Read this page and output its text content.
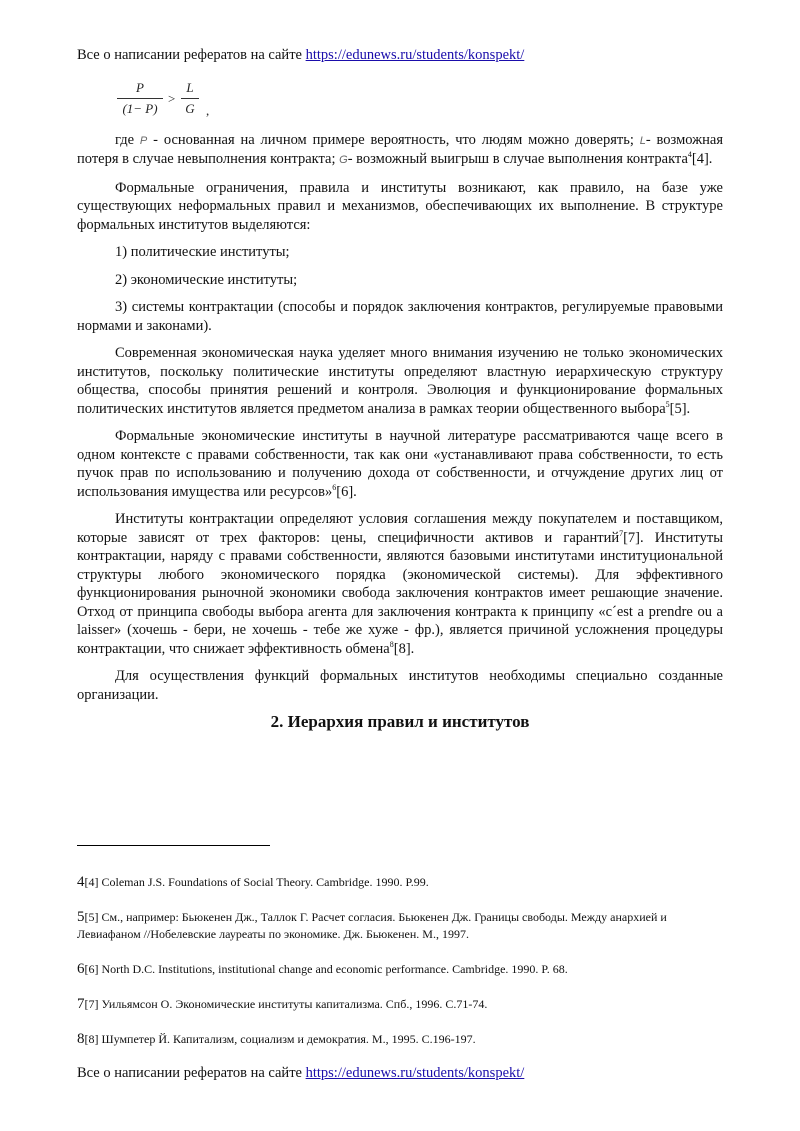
Все о написании рефератов на сайте https://edunews.ru/students/konspekt/
P
(1− P)
>
L
G ,

где P - основанная на личном примере вероятность, что людям можно доверять; L- возможная потеря в случае невыполнения контракта; G- возможный выигрыш в случае выполнения контракта$^4$[4].

Формальные ограничения, правила и институты возникают, как правило, на базе уже существующих неформальных правил и механизмов, обеспечивающих их выполнение. В структуре формальных институтов выделяются:

1) политические институты;

2) экономические институты;

3) системы контрактации (способы и порядок заключения контрактов, регулируемые правовыми нормами и законами).

Современная экономическая наука уделяет много внимания изучению не только экономических институтов, поскольку политические институты определяют властную иерархическую структуру общества, способы принятия решений и контроля. Эволюция и функционирование формальных политических институтов является предметом анализа в рамках теории общественного выбора$^5$[5].

Формальные экономические институты в научной литературе рассматриваются чаще всего в одном контексте с правами собственности, так как они «устанавливают права собственности, то есть пучок прав по использованию и получению дохода от собственности, и отчуждение других лиц от использования имущества или ресурсов»$^6$[6].

Институты контрактации определяют условия соглашения между покупателем и поставщиком, которые зависят от трех факторов: цены, специфичности активов и гарантий$^7$[7]. Институты контрактации, наряду с правами собственности, являются базовыми институтами институциональной структуры любого экономического порядка (экономической системы). Для эффективного функционирования рыночной экономики свобода заключения контрактов имеет решающие значение. Отход от принципа свободы выбора агента для заключения контракта к принципу «c´est a prendre ou a laisser» (хочешь - бери, не хочешь - тебе же хуже - фр.), является причиной усложнения процедуры контрактации, что снижает эффективность обмена$^8$[8].

Для осуществления функций формальных институтов необходимы специально созданные организации.

2. Иерархия правил и институтов
4[4] Coleman J.S. Foundations of Social Theory. Cambridge. 1990. P.99.
5[5] См., например: Бьюкенен Дж., Таллок Г. Расчет согласия. Бьюкенен Дж. Границы свободы. Между анархией и Левиафаном //Нобелевские лауреаты по экономике. Дж. Бьюкенен. М., 1997.
6[6] North D.C. Institutions, institutional change and economic performance. Cambridge. 1990. P. 68.
7[7] Уильямсон О. Экономические институты капитализма. Спб., 1996. С.71-74.
8[8] Шумпетер Й. Капитализм, социализм и демократия. М., 1995. С.196-197.
Все о написании рефератов на сайте https://edunews.ru/students/konspekt/
